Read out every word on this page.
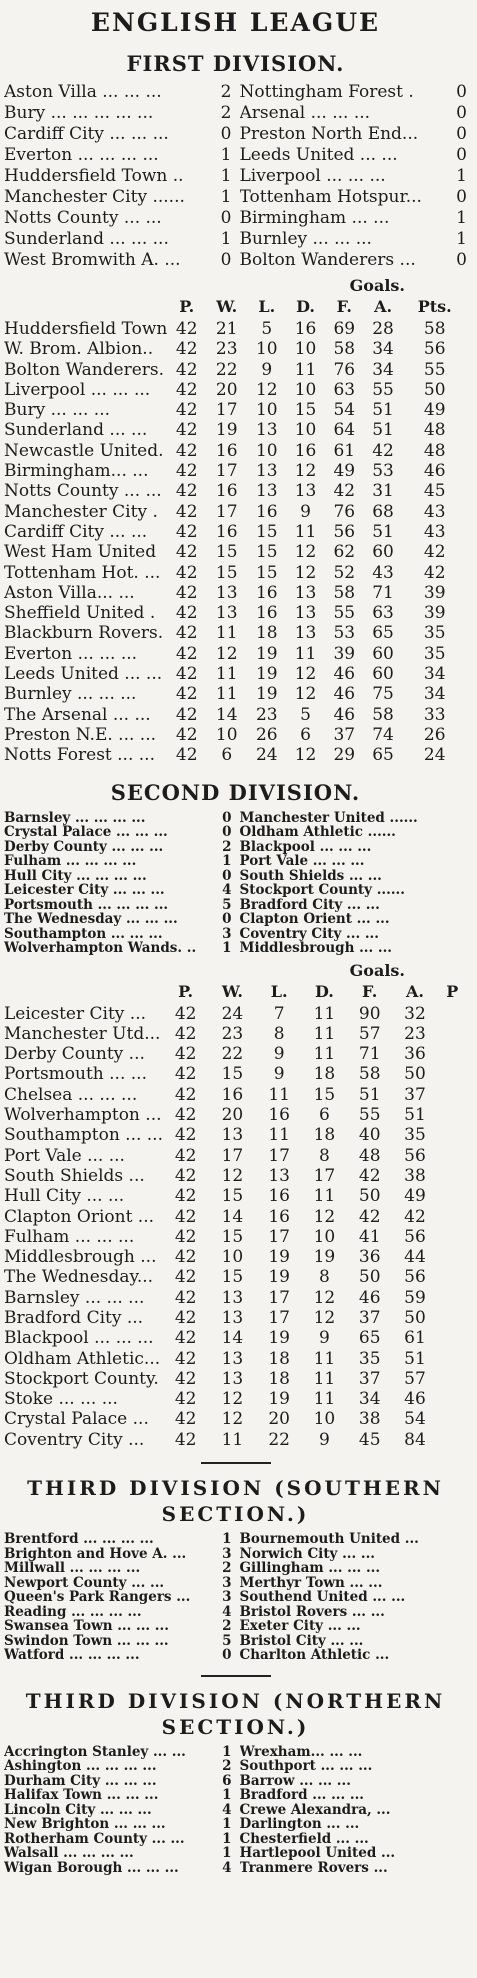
ENGLISH LEAGUE
FIRST DIVISION.
Aston Villa ... ... ...	2 Nottingham Forest .	0
Bury ... ... ... ... ...	2 Arsenal ... ... ...	0
Cardiff City ... ... ...	0 Preston North End...	0
Everton ... ... ... ...	1 Leeds United ... ...	0
Huddersfield Town ..	1 Liverpool ... ... ...	1
Manchester City ......	1 Tottenham Hotspur...	0
Notts County ... ...	0 Birmingham ... ...	1
Sunderland ... ... ...	1 Burnley ... ... ...	1
West Bromwith A. ...	0 Bolton Wanderers ...	0
Goals.
	P.	W.	L.	D.	F.	A.	Pts.
Huddersfield Town	42	21	5	16	69	28	58
W. Brom. Albion..	42	23	10	10	58	34	56
Bolton Wanderers.	42	22	9	11	76	34	55
Liverpool ... ... ...	42	20	12	10	63	55	50
Bury ... ... ...	42	17	10	15	54	51	49
Sunderland ... ...	42	19	13	10	64	51	48
Newcastle United.	42	16	10	16	61	42	48
Birmingham... ...	42	17	13	12	49	53	46
Notts County ... ...	42	16	13	13	42	31	45
Manchester City .	42	17	16	9	76	68	43
Cardiff City ... ...	42	16	15	11	56	51	43
West Ham United	42	15	15	12	62	60	42
Tottenham Hot. ...	42	15	15	12	52	43	42
Aston Villa... ...	42	13	16	13	58	71	39
Sheffield United .	42	13	16	13	55	63	39
Blackburn Rovers.	42	11	18	13	53	65	35
Everton ... ... ...	42	12	19	11	39	60	35
Leeds United ... ...	42	11	19	12	46	60	34
Burnley ... ... ...	42	11	19	12	46	75	34
The Arsenal ... ...	42	14	23	5	46	58	33
Preston N.E. ... ...	42	10	26	6	37	74	26
Notts Forest ... ...	42	6	24	12	29	65	24
SECOND DIVISION.
Barnsley ... ... ... ...	0 Manchester United ......
Crystal Palace ... ... ...	0 Oldham Athletic ......
Derby County ... ... ...	2 Blackpool ... ... ...
Fulham ... ... ... ...	1 Port Vale ... ... ...
Hull City ... ... ... ...	0 South Shields ... ...
Leicester City ... ... ...	4 Stockport County ......
Portsmouth ... ... ... ...	5 Bradford City ... ...
The Wednesday ... ... ...	0 Clapton Orient ... ...
Southampton ... ... ...	3 Coventry City ... ...
Wolverhampton Wands. ..	1 Middlesbrough ... ...
Goals.
	P.	W.	L.	D.	F.	A.	P
Leicester City ...	42	24	7	11	90	32	
Manchester Utd...	42	23	8	11	57	23	
Derby County ...	42	22	9	11	71	36	
Portsmouth ... ...	42	15	9	18	58	50	
Chelsea ... ... ...	42	16	11	15	51	37	
Wolverhampton ...	42	20	16	6	55	51	
Southampton ... ...	42	13	11	18	40	35	
Port Vale ... ...	42	17	17	8	48	56	
South Shields ...	42	12	13	17	42	38	
Hull City ... ...	42	15	16	11	50	49	
Clapton Oriont ...	42	14	16	12	42	42	
Fulham ... ... ...	42	15	17	10	41	56	
Middlesbrough ...	42	10	19	19	36	44	
The Wednesday...	42	15	19	8	50	56	
Barnsley ... ... ...	42	13	17	12	46	59	
Bradford City ...	42	13	17	12	37	50	
Blackpool ... ... ...	42	14	19	9	65	61	
Oldham Athletic...	42	13	18	11	35	51	
Stockport County.	42	13	18	11	37	57	
Stoke ... ... ...	42	12	19	11	34	46	
Crystal Palace ...	42	12	20	10	38	54	
Coventry City ...	42	11	22	9	45	84	
THIRD DIVISION (SOUTHERN
SECTION.)
Brentford ... ... ... ...	1 Bournemouth United ...
Brighton and Hove A. ...	3 Norwich City ... ...
Millwall ... ... ... ...	2 Gillingham ... ... ...
Newport County ... ...	3 Merthyr Town ... ...
Queen's Park Rangers ...	3 Southend United ... ...
Reading ... ... ... ...	4 Bristol Rovers ... ...
Swansea Town ... ... ...	2 Exeter City ... ...
Swindon Town ... ... ...	5 Bristol City ... ...
Watford ... ... ... ...	0 Charlton Athletic ...
THIRD DIVISION (NORTHERN
SECTION.)
Accrington Stanley ... ...	1 Wrexham... ... ...
Ashington ... ... ... ...	2 Southport ... ... ...
Durham City ... ... ...	6 Barrow ... ... ...
Halifax Town ... ... ...	1 Bradford ... ... ...
Lincoln City ... ... ...	4 Crewe Alexandra, ...
New Brighton ... ... ...	1 Darlington ... ...
Rotherham County ... ...	1 Chesterfield ... ...
Walsall ... ... ... ...	1 Hartlepool United ...
Wigan Borough ... ... ...	4 Tranmere Rovers ...
